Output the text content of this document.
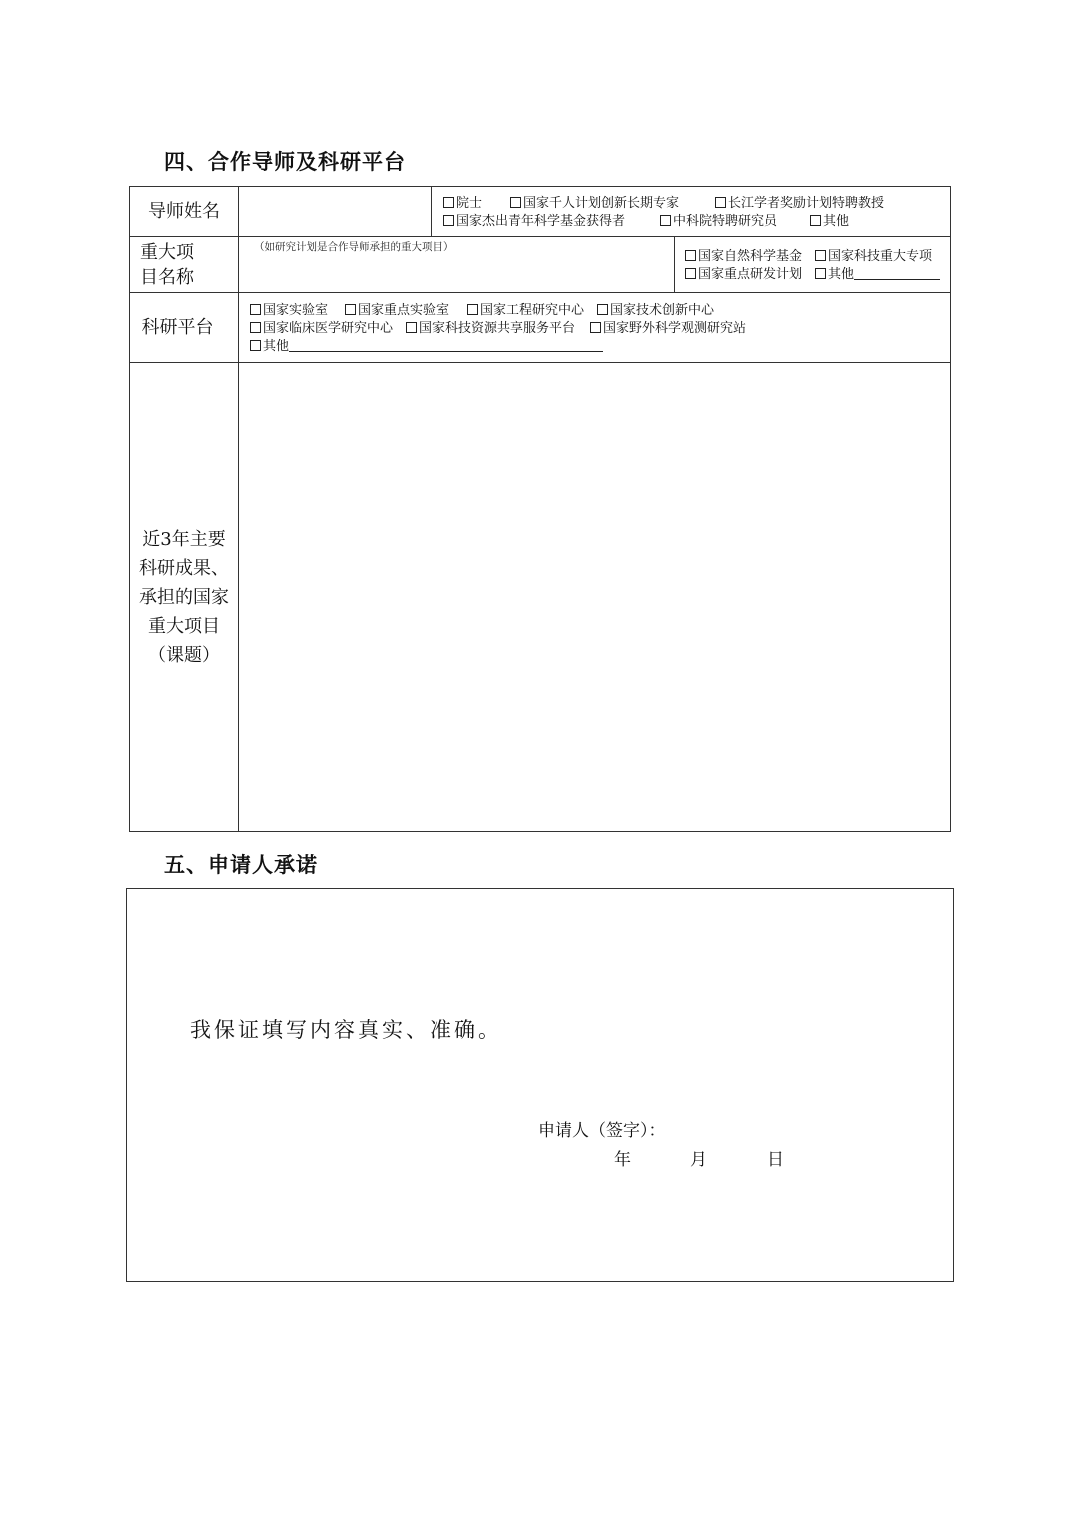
四、合作导师及科研平台
导师姓名	院士	国家千人计划创新长期专家	长江学者奖励计划特聘教授
国家杰出青年科学基金获得者	中科院特聘研究员	其他
重大项
目名称
（如研究计划是合作导师承担的重大项目）
国家自然科学基金	国家科技重大专项
国家重点研发计划	其他
科研平台
国家实验室	国家重点实验室	国家工程研究中心	国家技术创新中心
国家临床医学研究中心	国家科技资源共享服务平台	国家野外科学观测研究站
其他
近3年主要
科研成果、
承担的国家
重大项目
（课题）
五、申请人承诺
我保证填写内容真实、准确。
申请人（签字）：
年	月	日
